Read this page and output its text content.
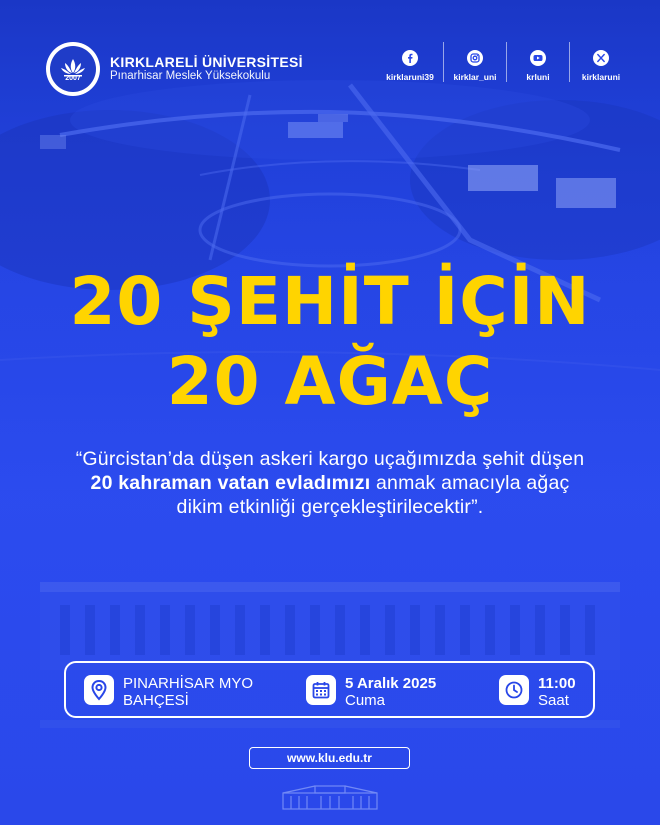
2007
KIRKLARELİ ÜNİVERSİTESİ
Pınarhisar Meslek Yüksekokulu	kirklaruni39	kirklar_uni	krluni	kirklaruni
20 ŞEHİT İÇİN
20 AĞAÇ
“Gürcistan’da düşen askeri kargo uçağımızda şehit düşen 20 kahraman vatan evladımızı anmak amacıyla ağaç dikim etkinliği gerçekleştirilecektir”.
PINARHİSAR MYO
BAHÇESİ
5 Aralık 2025
Cuma
11:00
Saat
www.klu.edu.tr
